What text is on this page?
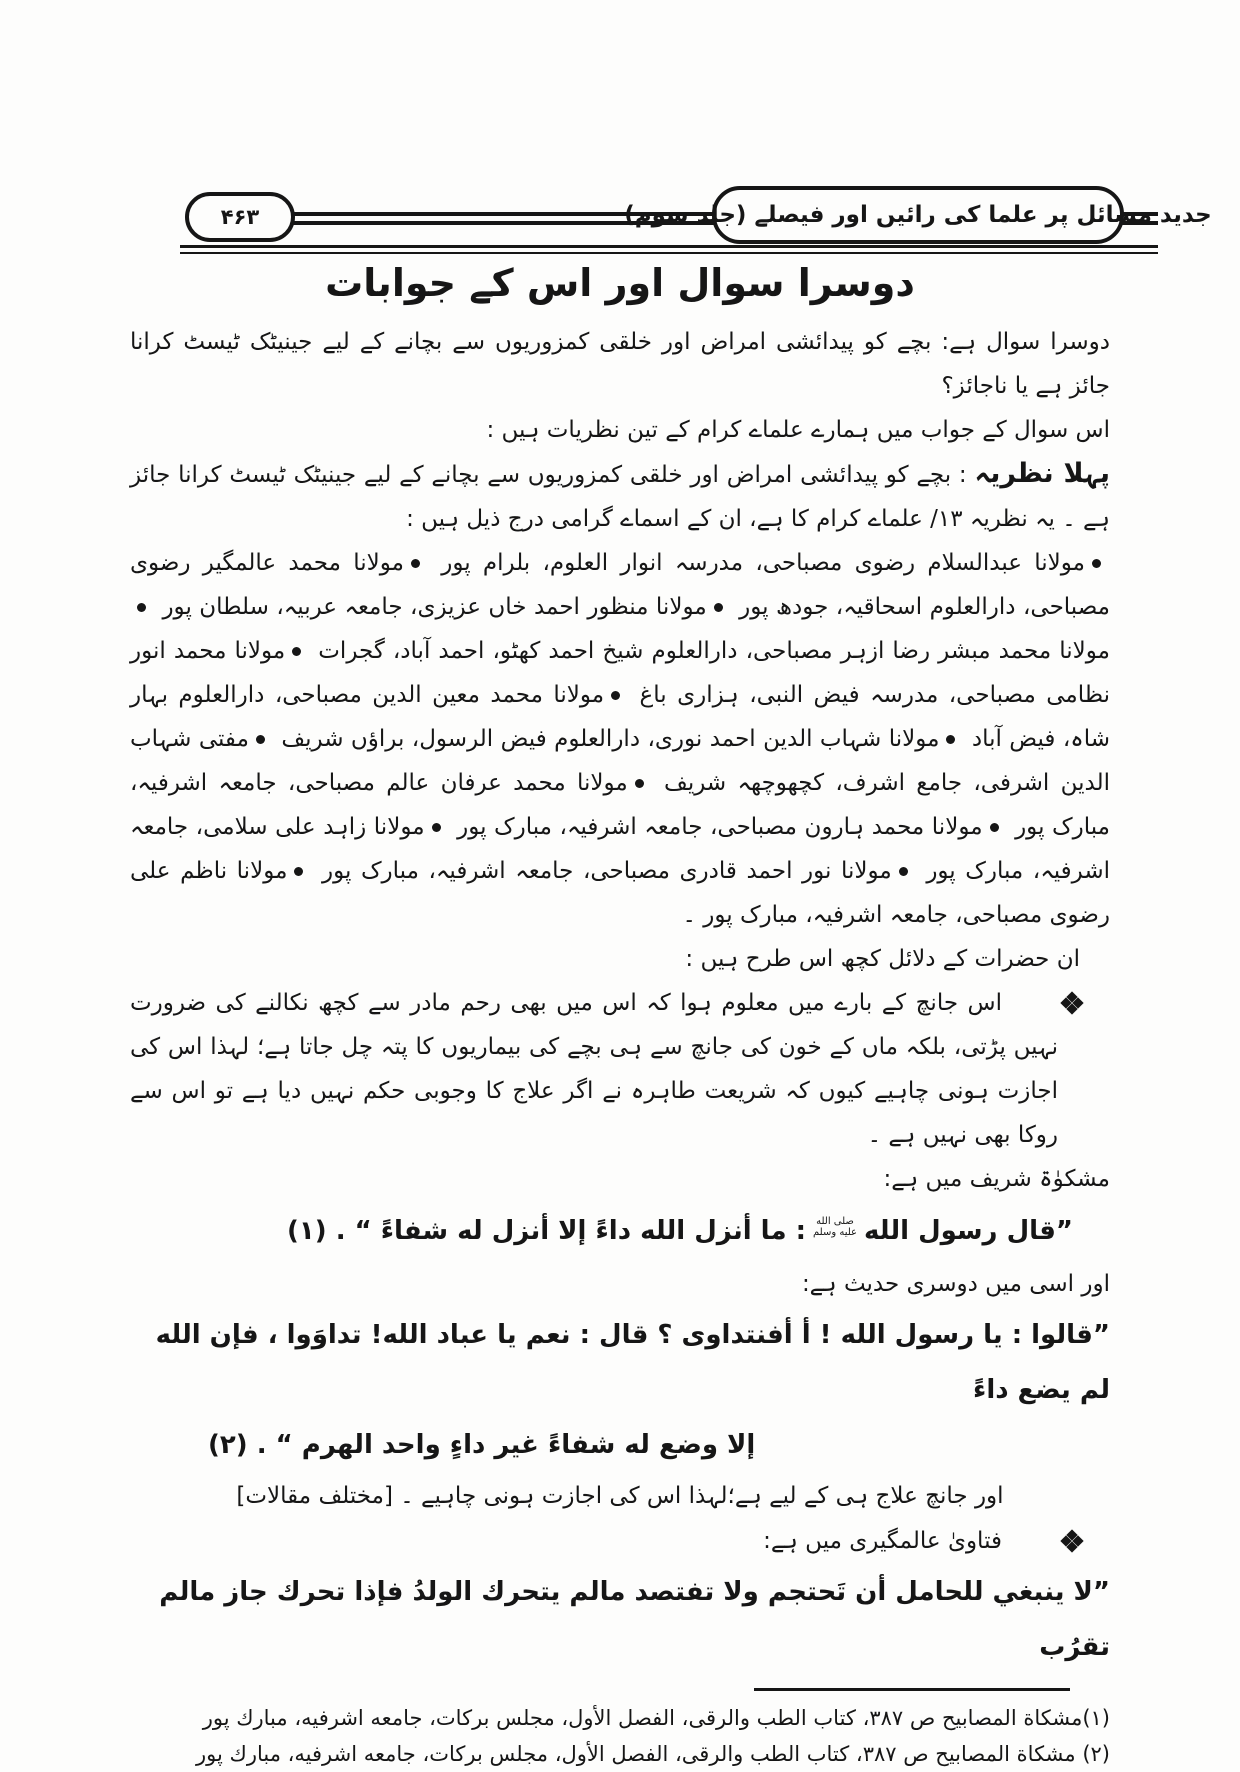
۴۶۳	جدید مسائل پر علما کی رائیں اور فیصلے (جلد سوم)
دوسرا سوال اور اس کے جوابات

دوسرا سوال ہے: بچے کو پیدائشی امراض اور خلقی کمزوریوں سے بچانے کے لیے جینیٹک ٹیسٹ کرانا جائز ہے یا ناجائز؟

اس سوال کے جواب میں ہمارے علماے کرام کے تین نظریات ہیں :

پہلا نظریہ : بچے کو پیدائشی امراض اور خلقی کمزوریوں سے بچانے کے لیے جینیٹک ٹیسٹ کرانا جائز ہے ۔ یہ نظریہ ۱۳/ علماے کرام کا ہے، ان کے اسماے گرامی درج ذیل ہیں :

مولانا عبدالسلام رضوی مصباحی، مدرسہ انوار العلوم، بلرام پور مولانا محمد عالمگیر رضوی مصباحی، دارالعلوم اسحاقیہ، جودھ پور مولانا منظور احمد خاں عزیزی، جامعہ عربیہ، سلطان پور مولانا محمد مبشر رضا ازہر مصباحی، دارالعلوم شیخ احمد کھٹو، احمد آباد، گجرات مولانا محمد انور نظامی مصباحی، مدرسہ فیض النبی، ہزاری باغ مولانا محمد معین الدین مصباحی، دارالعلوم بہار شاہ، فیض آباد مولانا شہاب الدین احمد نوری، دارالعلوم فیض الرسول، براؤں شریف مفتی شہاب الدین اشرفی، جامع اشرف، کچھوچھہ شریف مولانا محمد عرفان عالم مصباحی، جامعہ اشرفیہ، مبارک پور مولانا محمد ہارون مصباحی، جامعہ اشرفیہ، مبارک پور مولانا زاہد علی سلامی، جامعہ اشرفیہ، مبارک پور مولانا نور احمد قادری مصباحی، جامعہ اشرفیہ، مبارک پور مولانا ناظم علی رضوی مصباحی، جامعہ اشرفیہ، مبارک پور ۔

ان حضرات کے دلائل کچھ اس طرح ہیں :

اس جانچ کے بارے میں معلوم ہوا کہ اس میں بھی رحم مادر سے کچھ نکالنے کی ضرورت نہیں پڑتی، بلکہ ماں کے خون کی جانچ سے ہی بچے کی بیماریوں کا پتہ چل جاتا ہے؛ لہذا اس کی اجازت ہونی چاہیے کیوں کہ شریعت طاہرہ نے اگر علاج کا وجوبی حکم نہیں دیا ہے تو اس سے روکا بھی نہیں ہے ۔

مشکوٰۃ شریف میں ہے:

”قال رسول الله
صلى الله
عليه وسلم
: ما أنزل الله داءً إلا أنزل له شفاءً “ . (۱)

اور اسی میں دوسری حدیث ہے:

”قالوا : يا رسول الله ! أ أفنتداوى ؟ قال : نعم يا عباد الله! تداوَوا ، فإن الله لم يضع داءً
إلا وضع له شفاءً غير داءٍ واحد الهرم “ . (۲)

اور جانچ علاج ہی کے لیے ہے؛لہذا اس کی اجازت ہونی چاہیے ۔ [مختلف مقالات]

فتاویٰ عالمگیری میں ہے:

”لا ينبغي للحامل أن تَحتجم ولا تفتصد مالم يتحرك الولدُ فإذا تحرك جاز مالم تقرُب

(۱)مشكاة المصابيح ص ۳۸۷، كتاب الطب والرقى، الفصل الأول، مجلس بركات، جامعه اشرفيه، مبارك پور

(۲) مشكاة المصابيح ص ۳۸۷، كتاب الطب والرقى، الفصل الأول، مجلس بركات، جامعه اشرفيه، مبارك پور
